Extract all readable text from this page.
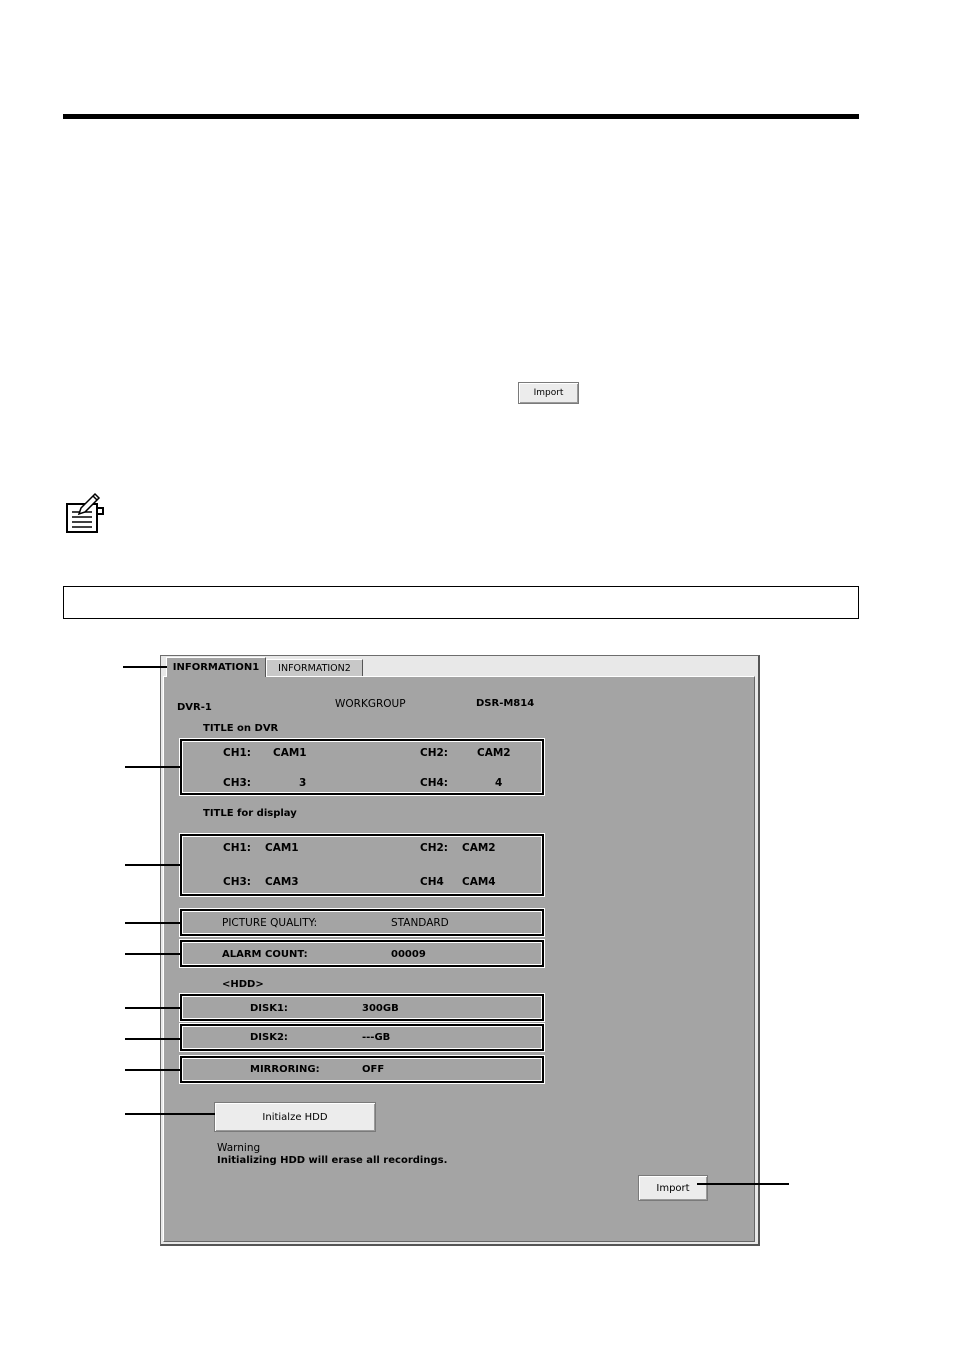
Import
INFORMATION1	INFORMATION2
DVR-1	WORKGROUP	DSR-M814
TITLE on DVR
CH1: CAM1	CH2:	CAM2
CH3:	3	CH4:	4
TITLE for display
CH1: CAM1	CH2: CAM2
CH3: CAM3	CH4 CAM4
PICTURE QUALITY:	STANDARD
ALARM COUNT:	00009
<HDD>
DISK1:	300GB
DISK2:	---GB
MIRRORING:	OFF
Initialze HDD
Warning
Initializing HDD will erase all recordings.
Import
